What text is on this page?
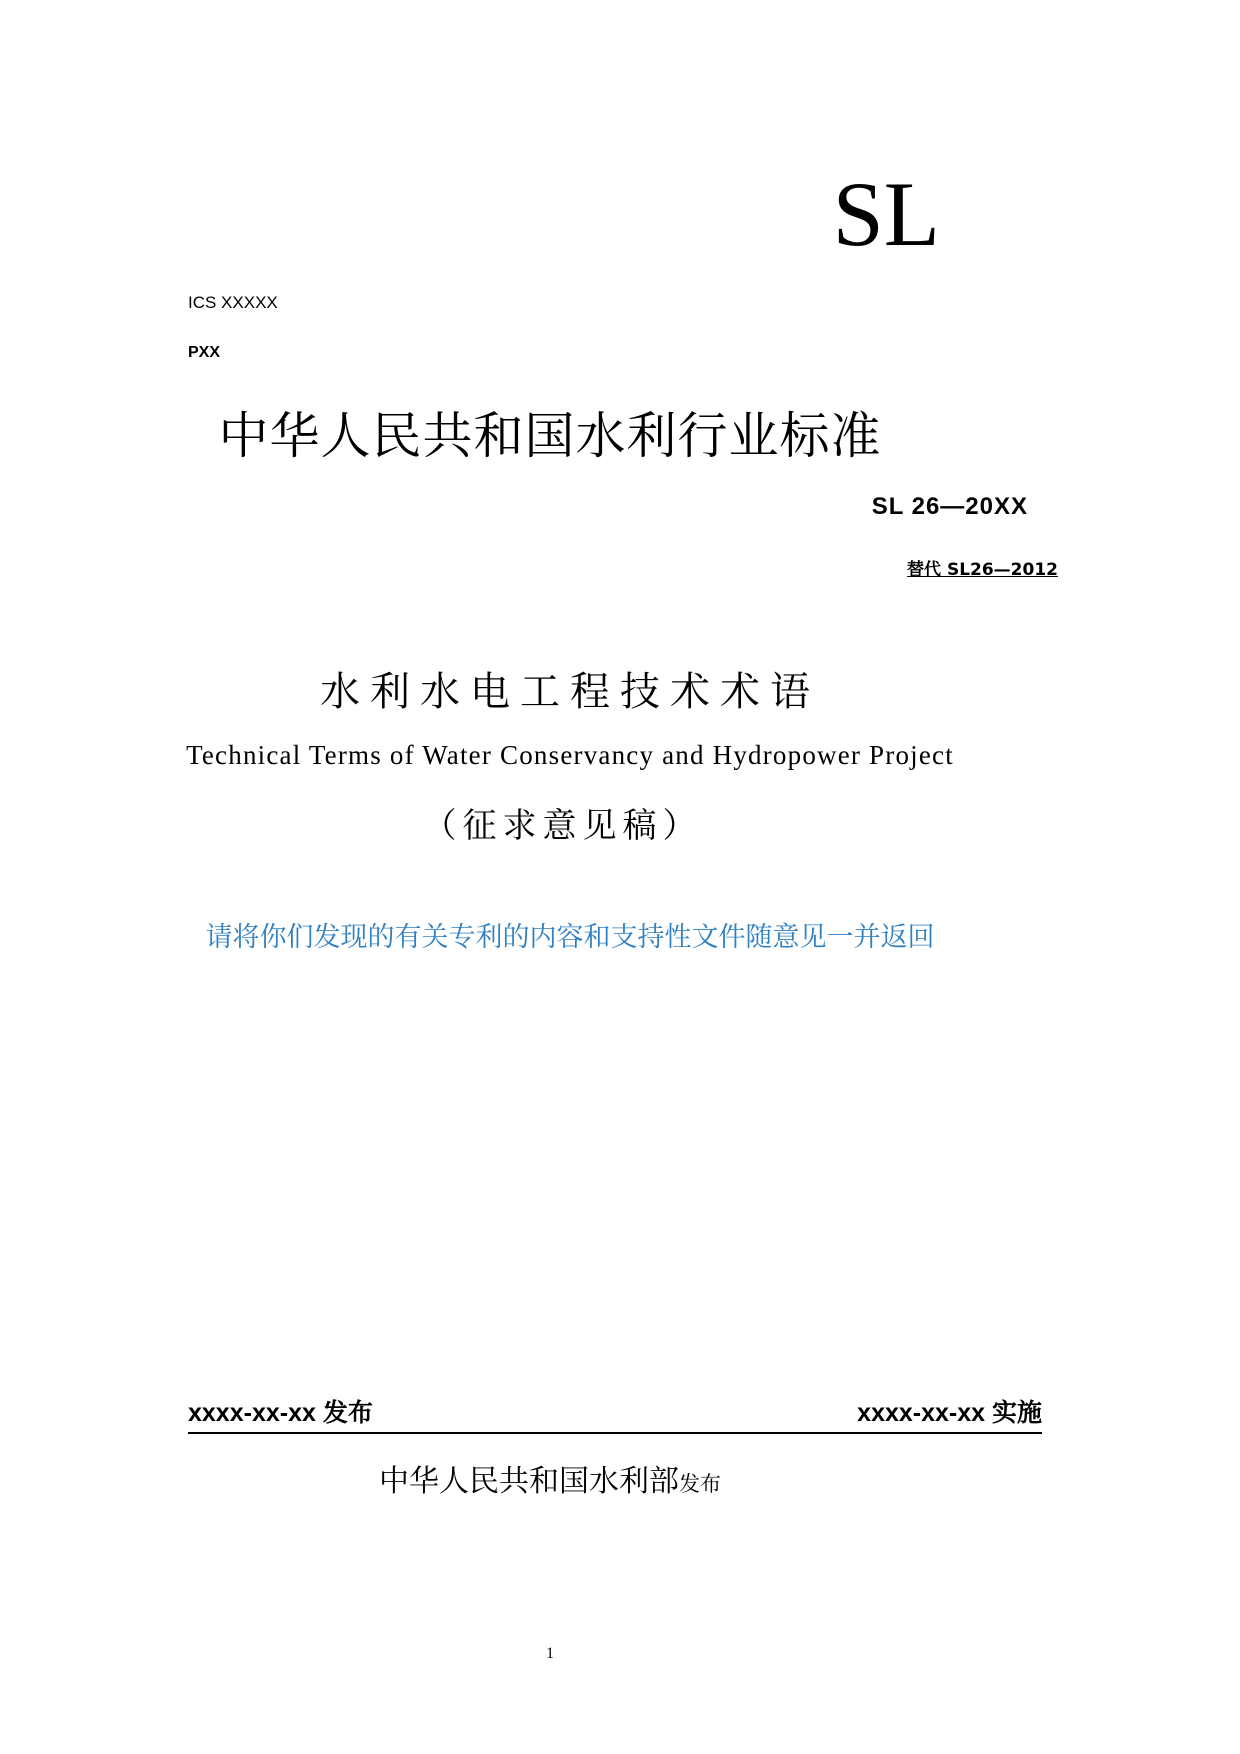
SL
ICS XXXXX
PXX
中华人民共和国水利行业标准
SL 26—20XX
替代 SL26—2012
水利水电工程技术术语
Technical Terms of Water Conservancy and Hydropower Project
（征求意见稿）
请将你们发现的有关专利的内容和支持性文件随意见一并返回
xxxx-xx-xx 发布	xxxx-xx-xx 实施
中华人民共和国水利部发布
1
